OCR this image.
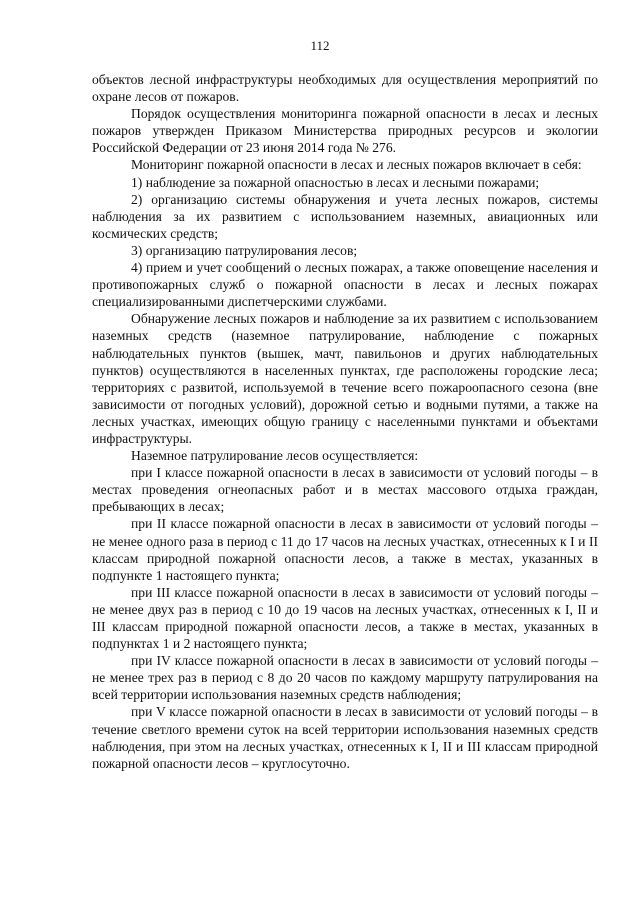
112

объектов лесной инфраструктуры необходимых для осуществления мероприятий по охране лесов от пожаров.

Порядок осуществления мониторинга пожарной опасности в лесах и лесных пожаров утвержден Приказом Министерства природных ресурсов и экологии Российской Федерации от 23 июня 2014 года № 276.

Мониторинг пожарной опасности в лесах и лесных пожаров включает в себя:

1) наблюдение за пожарной опасностью в лесах и лесными пожарами;

2) организацию системы обнаружения и учета лесных пожаров, системы наблюдения за их развитием с использованием наземных, авиационных или космических средств;

3) организацию патрулирования лесов;

4) прием и учет сообщений о лесных пожарах, а также оповещение населения и противопожарных служб о пожарной опасности в лесах и лесных пожарах специализированными диспетчерскими службами.

Обнаружение лесных пожаров и наблюдение за их развитием с использованием наземных средств (наземное патрулирование, наблюдение с пожарных наблюдательных пунктов (вышек, мачт, павильонов и других наблюдательных пунктов) осуществляются в населенных пунктах, где расположены городские леса; территориях с развитой, используемой в течение всего пожароопасного сезона (вне зависимости от погодных условий), дорожной сетью и водными путями, а также на лесных участках, имеющих общую границу с населенными пунктами и объектами инфраструктуры.

Наземное патрулирование лесов осуществляется:

при I классе пожарной опасности в лесах в зависимости от условий погоды – в местах проведения огнеопасных работ и в местах массового отдыха граждан, пребывающих в лесах;

при II классе пожарной опасности в лесах в зависимости от условий погоды – не менее одного раза в период с 11 до 17 часов на лесных участках, отнесенных к I и II классам природной пожарной опасности лесов, а также в местах, указанных в подпункте 1 настоящего пункта;

при III классе пожарной опасности в лесах в зависимости от условий погоды – не менее двух раз в период с 10 до 19 часов на лесных участках, отнесенных к I, II и III классам природной пожарной опасности лесов, а также в местах, указанных в подпунктах 1 и 2 настоящего пункта;

при IV классе пожарной опасности в лесах в зависимости от условий погоды – не менее трех раз в период с 8 до 20 часов по каждому маршруту патрулирования на всей территории использования наземных средств наблюдения;

при V классе пожарной опасности в лесах в зависимости от условий погоды – в течение светлого времени суток на всей территории использования наземных средств наблюдения, при этом на лесных участках, отнесенных к I, II и III классам природной пожарной опасности лесов – круглосуточно.
